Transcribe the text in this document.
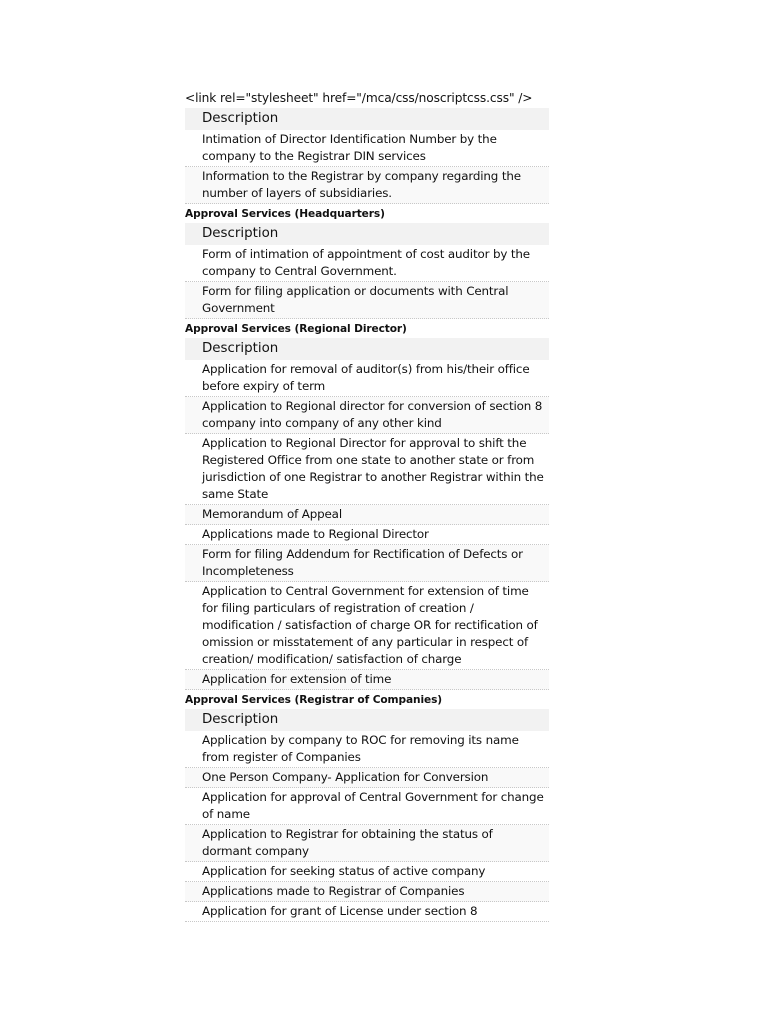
<link rel="stylesheet" href="/mca/css/noscriptcss.css" />
Description
Intimation of Director Identification Number by the company to the Registrar DIN services
Information to the Registrar by company regarding the number of layers of subsidiaries.
Approval Services (Headquarters)
Description
Form of intimation of appointment of cost auditor by the company to Central Government.
Form for filing application or documents with Central Government
Approval Services (Regional Director)
Description
Application for removal of auditor(s) from his/their office before expiry of term
Application to Regional director for conversion of section 8 company into company of any other kind
Application to Regional Director for approval to shift the Registered Office from one state to another state or from jurisdiction of one Registrar to another Registrar within the same State
Memorandum of Appeal
Applications made to Regional Director
Form for filing Addendum for Rectification of Defects or Incompleteness
Application to Central Government for extension of time for filing particulars of registration of creation / modification / satisfaction of charge OR for rectification of omission or misstatement of any particular in respect of creation/ modification/ satisfaction of charge
Application for extension of time
Approval Services (Registrar of Companies)
Description
Application by company to ROC for removing its name from register of Companies
One Person Company- Application for Conversion
Application for approval of Central Government for change of name
Application to Registrar for obtaining the status of dormant company
Application for seeking status of active company
Applications made to Registrar of Companies
Application for grant of License under section 8
